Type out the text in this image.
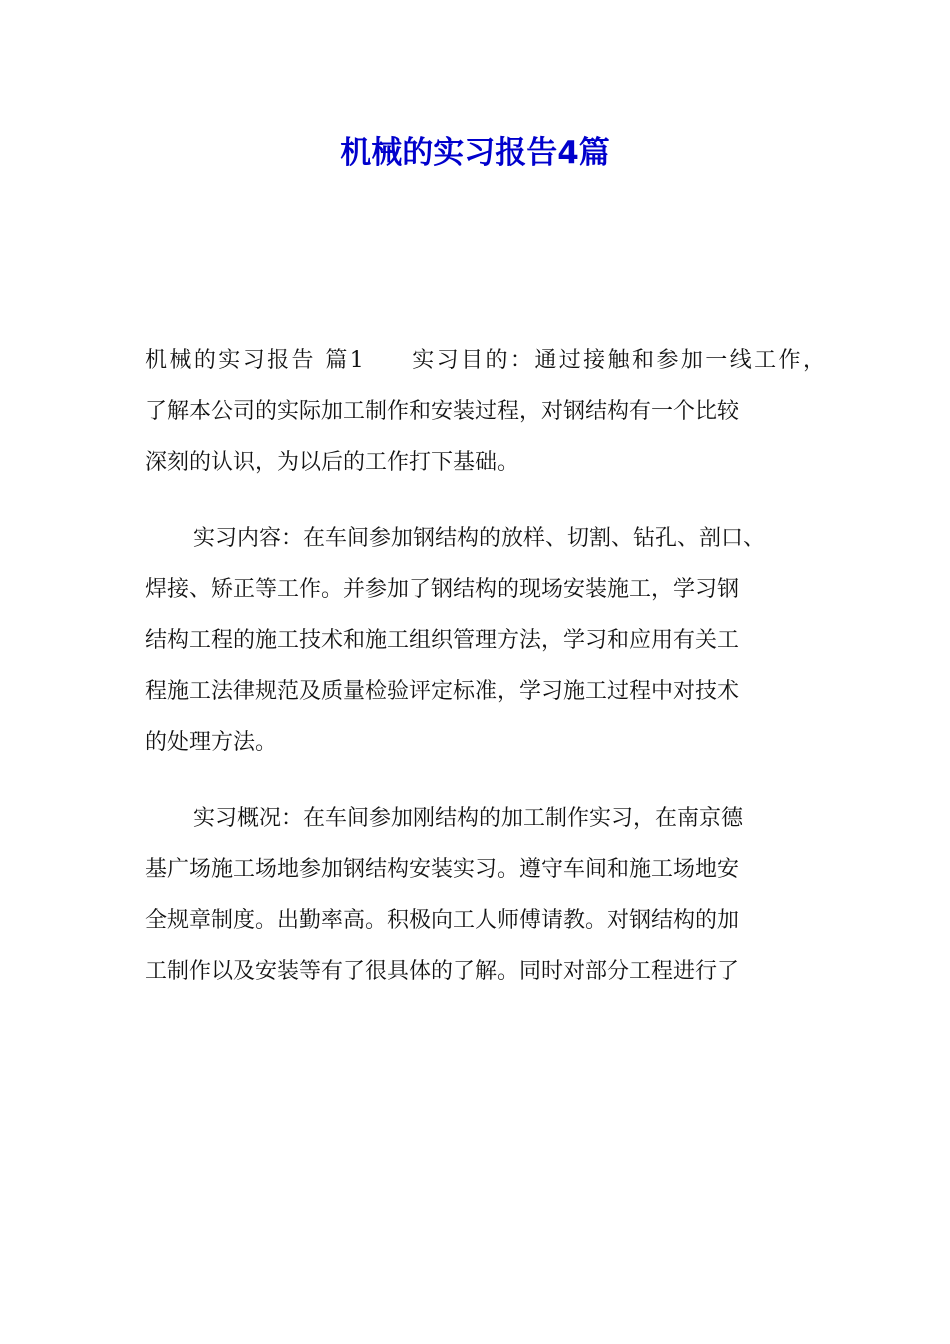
机械的实习报告4篇
机械的实习报告 篇1 实习目的：通过接触和参加一线工作，
了解本公司的实际加工制作和安装过程，对钢结构有一个比较
深刻的认识，为以后的工作打下基础。
实习内容：在车间参加钢结构的放样、切割、钻孔、剖口、
焊接、矫正等工作。并参加了钢结构的现场安装施工，学习钢
结构工程的施工技术和施工组织管理方法，学习和应用有关工
程施工法律规范及质量检验评定标准，学习施工过程中对技术
的处理方法。
实习概况：在车间参加刚结构的加工制作实习，在南京德
基广场施工场地参加钢结构安装实习。遵守车间和施工场地安
全规章制度。出勤率高。积极向工人师傅请教。对钢结构的加
工制作以及安装等有了很具体的了解。同时对部分工程进行了
